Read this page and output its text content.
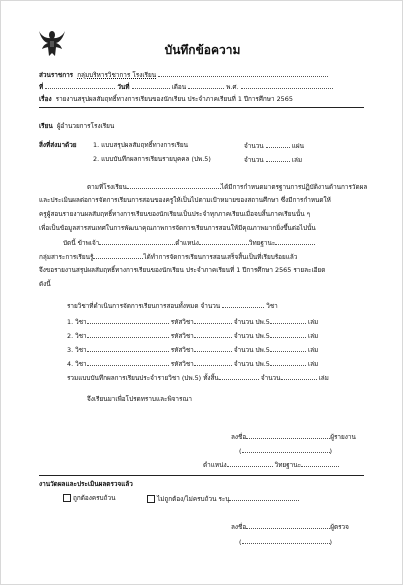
บันทึกข้อความ
ส่วนราชการ กลุ่มบริหารวิชาการ โรงเรียน
ที่	วันที่	เดือน	พ.ศ.
เรื่อง รายงานสรุปผลสัมฤทธิ์ทางการเรียนของนักเรียน ประจำภาคเรียนที่ 1 ปีการศึกษา 2565
เรียน ผู้อำนวยการโรงเรียน
สิ่งที่ส่งมาด้วย	1. แบบสรุปผลสัมฤทธิ์ทางการเรียน	จำนวน	แผ่น
2. แบบบันทึกผลการเรียนรายบุคคล (ปพ.5)	จำนวน	เล่ม
ตามที่โรงเรียน	ได้มีการกำหนดมาตรฐานการปฏิบัติงานด้านการวัดผล
และประเมินผลต่อการจัดการเรียนการสอนของครูให้เป็นไปตามเป้าหมายของสถานศึกษา ซึ่งมีการกำหนดให้
ครูผู้สอนรายงานผลสัมฤทธิ์ทางการเรียนของนักเรียนเป็นประจำทุกภาคเรียนเมื่อจบสิ้นภาคเรียนนั้น ๆ
เพื่อเป็นข้อมูลสารสนเทศในการพัฒนาคุณภาพการจัดการเรียนการสอนให้มีคุณภาพมากยิ่งขึ้นต่อไปนั้น
บัดนี้ ข้าพเจ้า	ตำแหน่ง	วิทยฐานะ
กลุ่มสาระการเรียนรู้	ได้ทำการจัดการเรียนการสอนเสร็จสิ้นเป็นที่เรียบร้อยแล้ว
จึงขอรายงานสรุปผลสัมฤทธิ์ทางการเรียนของนักเรียน ประจำภาคเรียนที่ 1 ปีการศึกษา 2565 รายละเอียด
ดังนี้
รายวิชาที่ดำเนินการจัดการเรียนการสอนทั้งหมด จำนวน	วิชา
1. วิชา	รหัสวิชา	จำนวน ปพ.5	เล่ม
2. วิชา	รหัสวิชา	จำนวน ปพ.5	เล่ม
3. วิชา	รหัสวิชา	จำนวน ปพ.5	เล่ม
4. วิชา	รหัสวิชา	จำนวน ปพ.5	เล่ม
รวมแบบบันทึกผลการเรียนประจำรายวิชา (ปพ.5) ทั้งสิ้น	จำนวน	เล่ม
จึงเรียนมาเพื่อโปรดทราบและพิจารณา
ลงชื่อ	ผู้รายงาน
(	)
ตำแหน่ง	วิทยฐานะ
งานวัดผลและประเมินผลตรวจแล้ว
ถูกต้องครบถ้วน	ไม่ถูกต้อง/ไม่ครบถ้วน ระบุ
ลงชื่อ	ผู้ตรวจ
(	)
